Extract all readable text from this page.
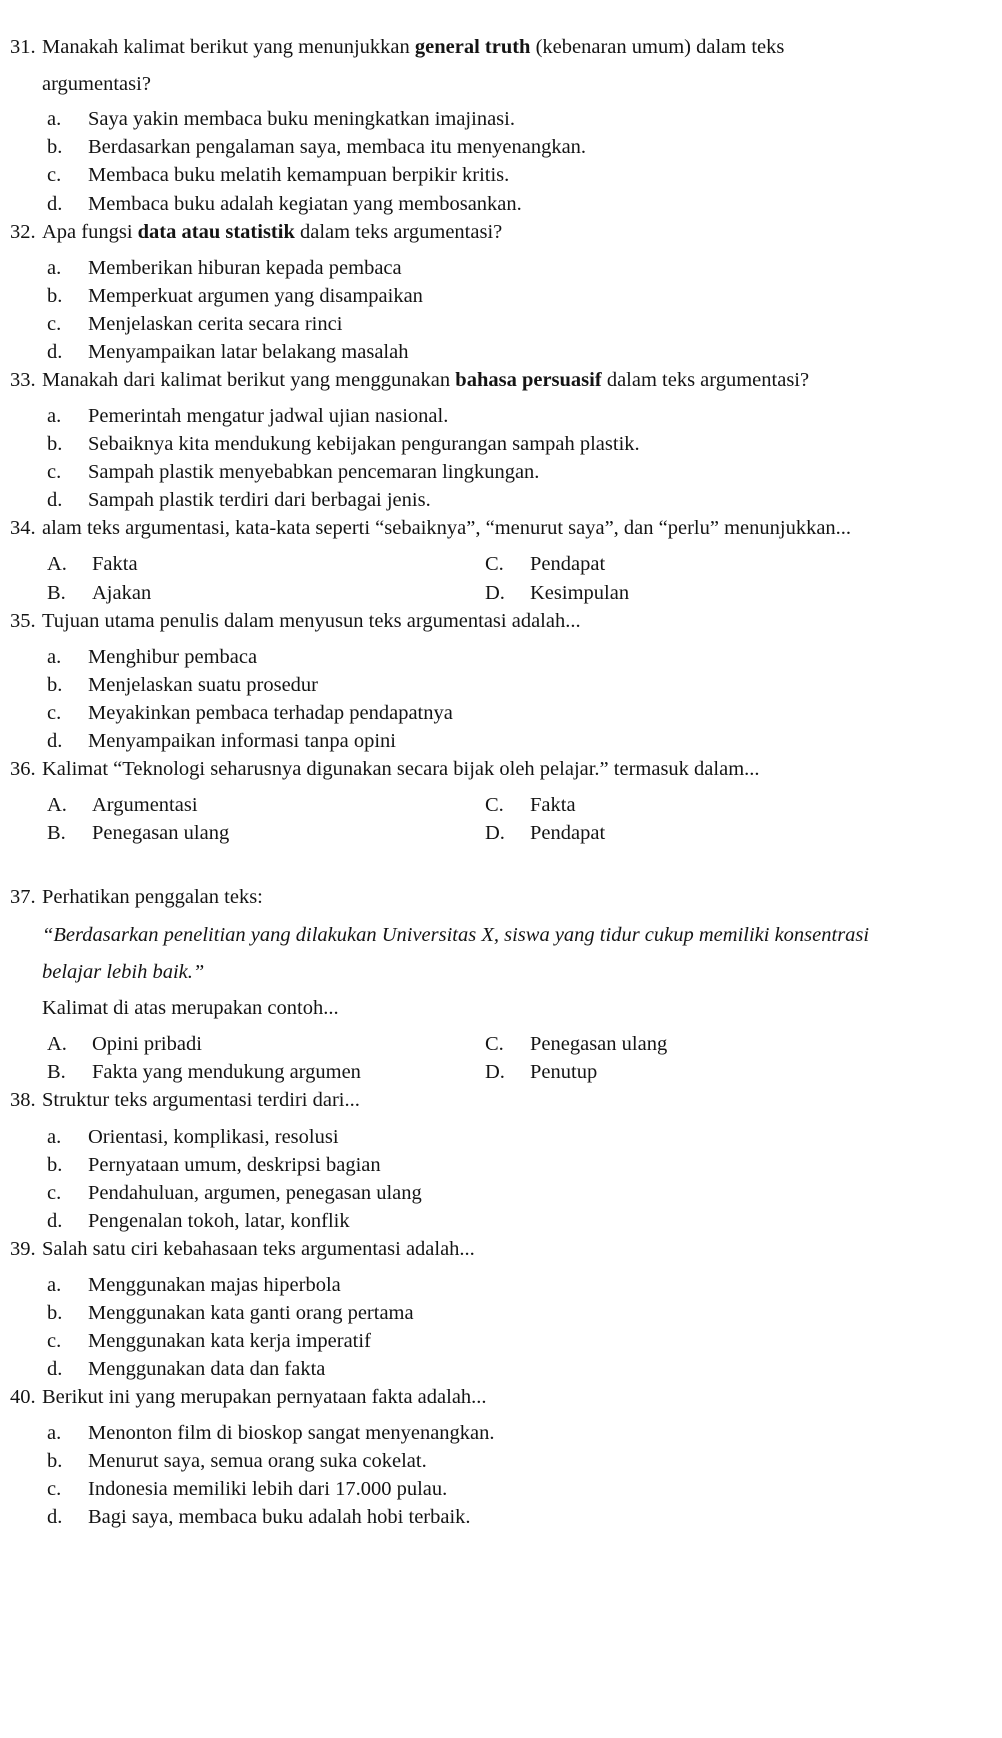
31. Manakah kalimat berikut yang menunjukkan general truth (kebenaran umum) dalam teks
argumentasi?
a. Saya yakin membaca buku meningkatkan imajinasi.
b. Berdasarkan pengalaman saya, membaca itu menyenangkan.
c. Membaca buku melatih kemampuan berpikir kritis.
d. Membaca buku adalah kegiatan yang membosankan.
32. Apa fungsi data atau statistik dalam teks argumentasi?
a. Memberikan hiburan kepada pembaca
b. Memperkuat argumen yang disampaikan
c. Menjelaskan cerita secara rinci
d. Menyampaikan latar belakang masalah
33. Manakah dari kalimat berikut yang menggunakan bahasa persuasif dalam teks argumentasi?
a. Pemerintah mengatur jadwal ujian nasional.
b. Sebaiknya kita mendukung kebijakan pengurangan sampah plastik.
c. Sampah plastik menyebabkan pencemaran lingkungan.
d. Sampah plastik terdiri dari berbagai jenis.
34. alam teks argumentasi, kata-kata seperti “sebaiknya”, “menurut saya”, dan “perlu” menunjukkan...
A. Fakta	C. Pendapat
B. Ajakan	D. Kesimpulan
35. Tujuan utama penulis dalam menyusun teks argumentasi adalah...
a. Menghibur pembaca
b. Menjelaskan suatu prosedur
c. Meyakinkan pembaca terhadap pendapatnya
d. Menyampaikan informasi tanpa opini
36. Kalimat “Teknologi seharusnya digunakan secara bijak oleh pelajar.” termasuk dalam...
A. Argumentasi	C. Fakta
B. Penegasan ulang	D. Pendapat
37. Perhatikan penggalan teks:
“Berdasarkan penelitian yang dilakukan Universitas X, siswa yang tidur cukup memiliki konsentrasi
belajar lebih baik.”
Kalimat di atas merupakan contoh...
A. Opini pribadi	C. Penegasan ulang
B. Fakta yang mendukung argumen	D. Penutup
38. Struktur teks argumentasi terdiri dari...
a. Orientasi, komplikasi, resolusi
b. Pernyataan umum, deskripsi bagian
c. Pendahuluan, argumen, penegasan ulang
d. Pengenalan tokoh, latar, konflik
39. Salah satu ciri kebahasaan teks argumentasi adalah...
a. Menggunakan majas hiperbola
b. Menggunakan kata ganti orang pertama
c. Menggunakan kata kerja imperatif
d. Menggunakan data dan fakta
40. Berikut ini yang merupakan pernyataan fakta adalah...
a. Menonton film di bioskop sangat menyenangkan.
b. Menurut saya, semua orang suka cokelat.
c. Indonesia memiliki lebih dari 17.000 pulau.
d. Bagi saya, membaca buku adalah hobi terbaik.
